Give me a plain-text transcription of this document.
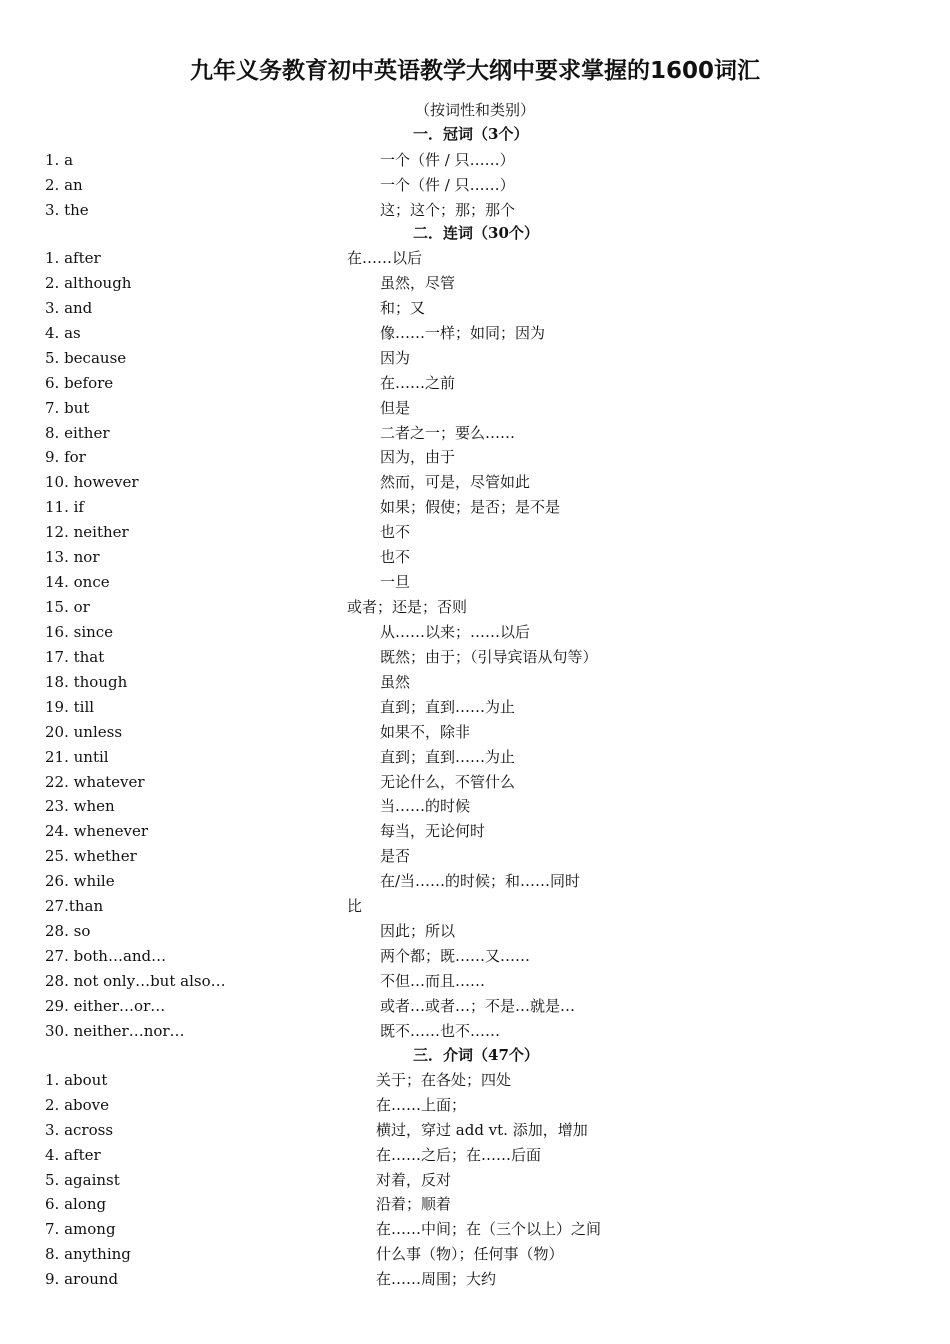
九年义务教育初中英语教学大纲中要求掌握的1600词汇
（按词性和类别）
一．冠词（3个）
1. a	一个（件 / 只……）
2. an	一个（件 / 只……）
3. the	这；这个；那；那个
二．连词（30个）
1. after	在……以后
2. although	虽然，尽管
3. and	和；又
4. as	像……一样；如同；因为
5. because	因为
6. before	在……之前
7. but	但是
8. either	二者之一；要么……
9. for	因为，由于
10. however	然而，可是，尽管如此
11. if	如果；假使；是否；是不是
12. neither	也不
13. nor	也不
14. once	一旦
15. or	或者；还是；否则
16. since	从……以来；……以后
17. that	既然；由于；（引导宾语从句等）
18. though	虽然
19. till	直到；直到……为止
20. unless	如果不，除非
21. until	直到；直到……为止
22. whatever	无论什么，不管什么
23. when	当……的时候
24. whenever	每当，无论何时
25. whether	是否
26. while	在/当……的时候；和……同时
27.than	比
28. so	因此；所以
27. both…and…	两个都；既……又……
28. not only…but also…	不但…而且……
29. either…or…	或者…或者…；不是…就是…
30. neither…nor…	既不……也不……
三．介词（47个）
1. about	关于；在各处；四处
2. above	在……上面；
3. across	横过，穿过 add vt. 添加，增加
4. after	在……之后；在……后面
5. against	对着，反对
6. along	沿着；顺着
7. among	在……中间；在（三个以上）之间
8. anything	什么事（物）；任何事（物）
9. around	在……周围；大约
